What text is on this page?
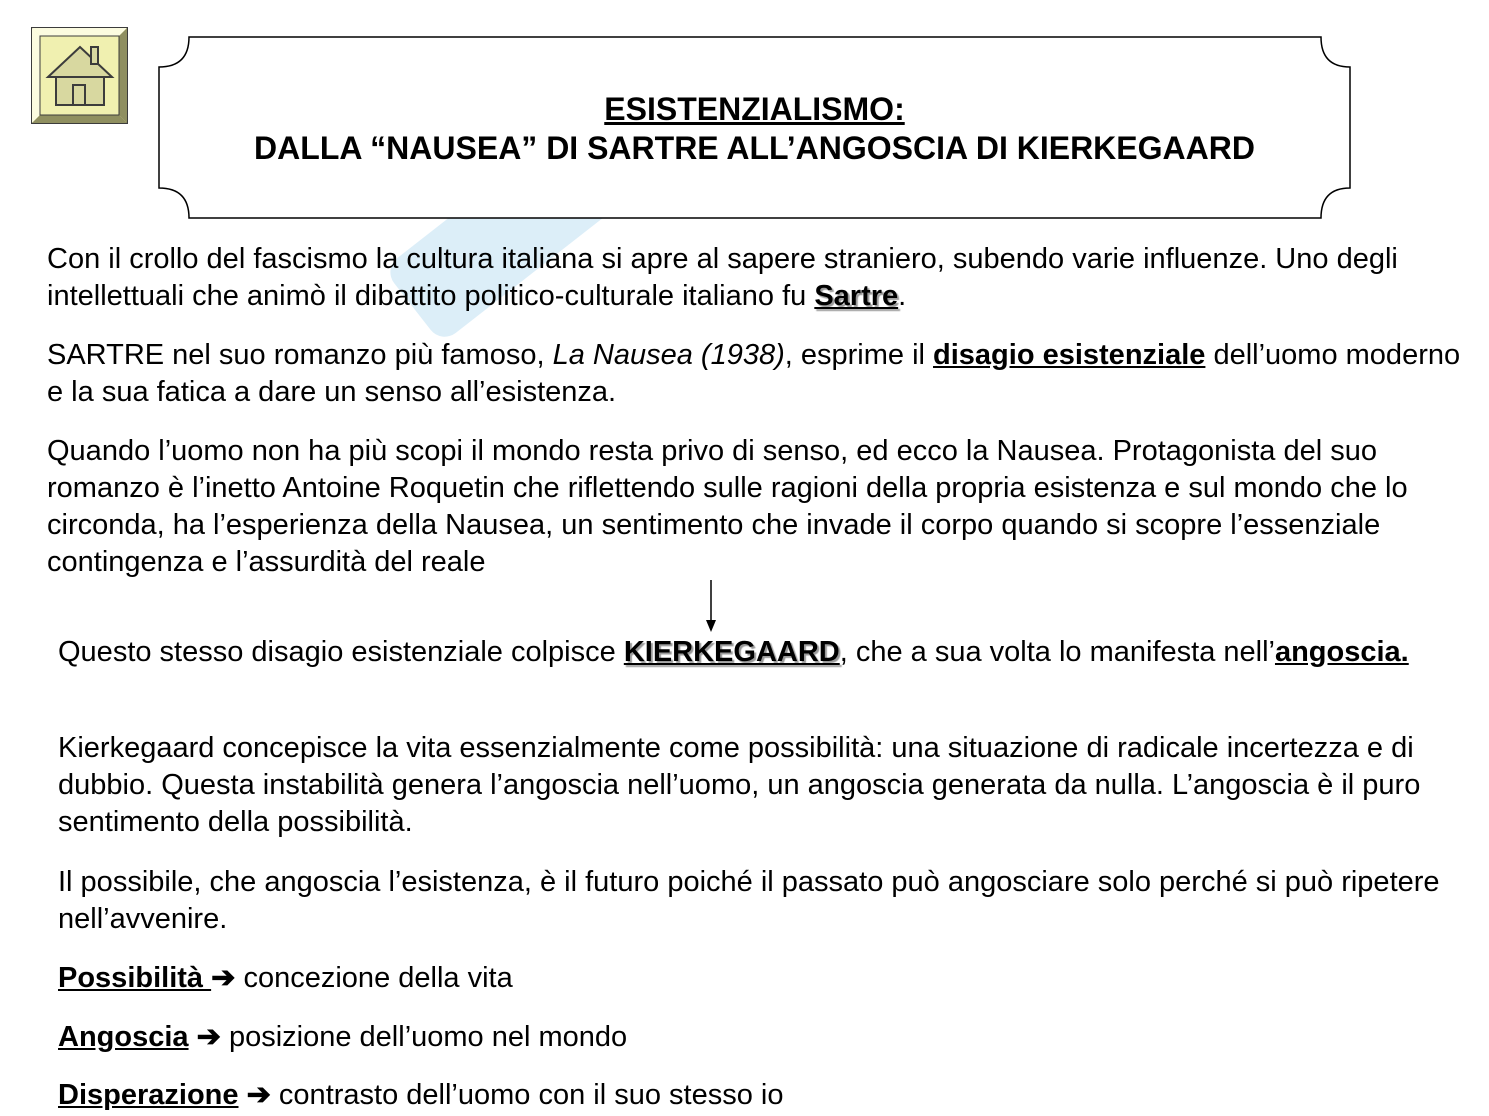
ESISTENZIALISMO:
DALLA “NAUSEA” DI SARTRE ALL’ANGOSCIA DI KIERKEGAARD

Con il crollo del fascismo la cultura italiana si apre al sapere straniero, subendo varie influenze. Uno degli intellettuali che animò il dibattito politico-culturale italiano fu Sartre.

SARTRE nel suo romanzo più famoso, La Nausea (1938), esprime il disagio esistenziale dell’uomo moderno e la sua fatica a dare un senso all’esistenza.

Quando l’uomo non ha più scopi il mondo resta privo di senso, ed ecco la Nausea. Protagonista del suo romanzo è l’inetto Antoine Roquetin che riflettendo sulle ragioni della propria esistenza e sul mondo che lo circonda, ha l’esperienza della Nausea, un sentimento che invade il corpo quando si scopre l’essenziale contingenza e l’assurdità del reale

Questo stesso disagio esistenziale colpisce KIERKEGAARD, che a sua volta lo manifesta nell’angoscia.

Kierkegaard concepisce la vita essenzialmente come possibilità: una situazione di radicale incertezza e di dubbio. Questa instabilità genera l’angoscia nell’uomo, un angoscia generata da nulla. L’angoscia è il puro sentimento della possibilità.

Il possibile, che angoscia l’esistenza, è il futuro poiché il passato può angosciare solo perché si può ripetere nell’avvenire.

Possibilità ➔ concezione della vita

Angoscia ➔ posizione dell’uomo nel mondo

Disperazione ➔ contrasto dell’uomo con il suo stesso io
